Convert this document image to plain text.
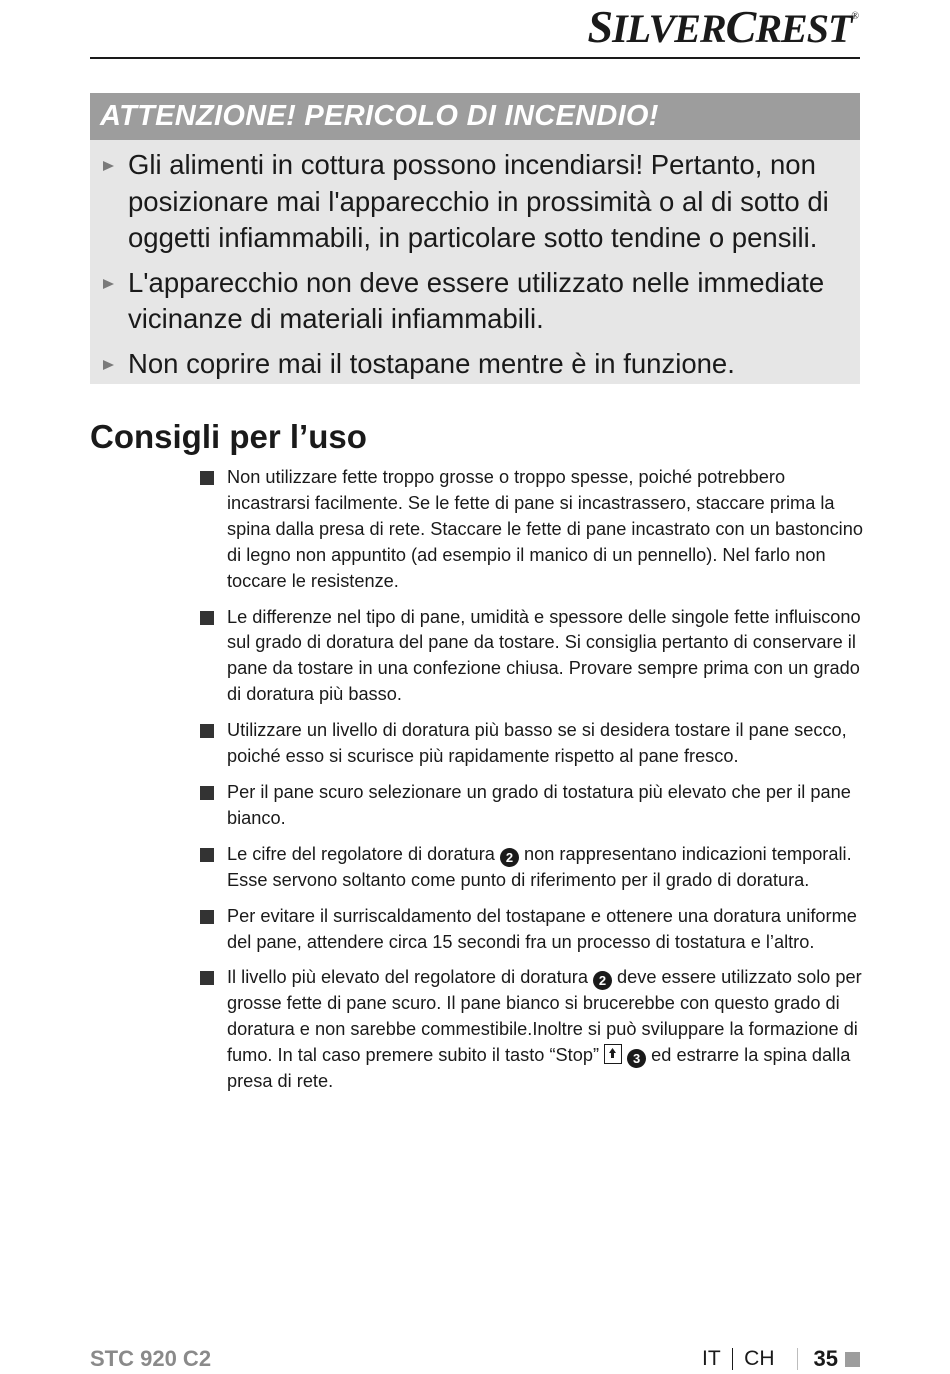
SILVERCREST®
ATTENZIONE! PERICOLO DI INCENDIO!
Gli alimenti in cottura possono incendiarsi! Pertanto, non posizionare mai l'apparecchio in prossimità o al di sotto di oggetti infiammabili, in particolare sotto tendine o pensili.
L'apparecchio non deve essere utilizzato nelle immediate vicinanze di materiali infiammabili.
Non coprire mai il tostapane mentre è in funzione.
Consigli per l’uso
Non utilizzare fette troppo grosse o troppo spesse, poiché potrebbero incastrarsi facilmente. Se le fette di pane si incastrassero, staccare prima la spina dalla presa di rete. Staccare le fette di pane incastrato con un bastoncino di legno non appuntito (ad esempio il manico di un pennello). Nel farlo non toccare le resistenze.
Le differenze nel tipo di pane, umidità e spessore delle singole fette influiscono sul grado di doratura del pane da tostare. Si consiglia pertanto di conservare il pane da tostare in una confezione chiusa. Provare sempre prima con un grado di doratura più basso.
Utilizzare un livello di doratura più basso se si desidera tostare il pane secco, poiché esso si scurisce più rapidamente rispetto al pane fresco.
Per il pane scuro selezionare un grado di tostatura più elevato che per il pane bianco.
Le cifre del regolatore di doratura 2 non rappresentano indicazioni temporali. Esse servono soltanto come punto di riferimento per il grado di doratura.
Per evitare il surriscaldamento del tostapane e ottenere una doratura uniforme del pane, attendere circa 15 secondi fra un processo di tostatura e l’altro.
Il livello più elevato del regolatore di doratura 2 deve essere utilizzato solo per grosse fette di pane scuro. Il pane bianco si brucerebbe con questo grado di doratura e non sarebbe commestibile.Inoltre si può sviluppare la formazione di fumo. In tal caso premere subito il tasto “Stop”
3 ed estrarre la spina dalla presa di rete.
STC 920 C2	IT CH 35
